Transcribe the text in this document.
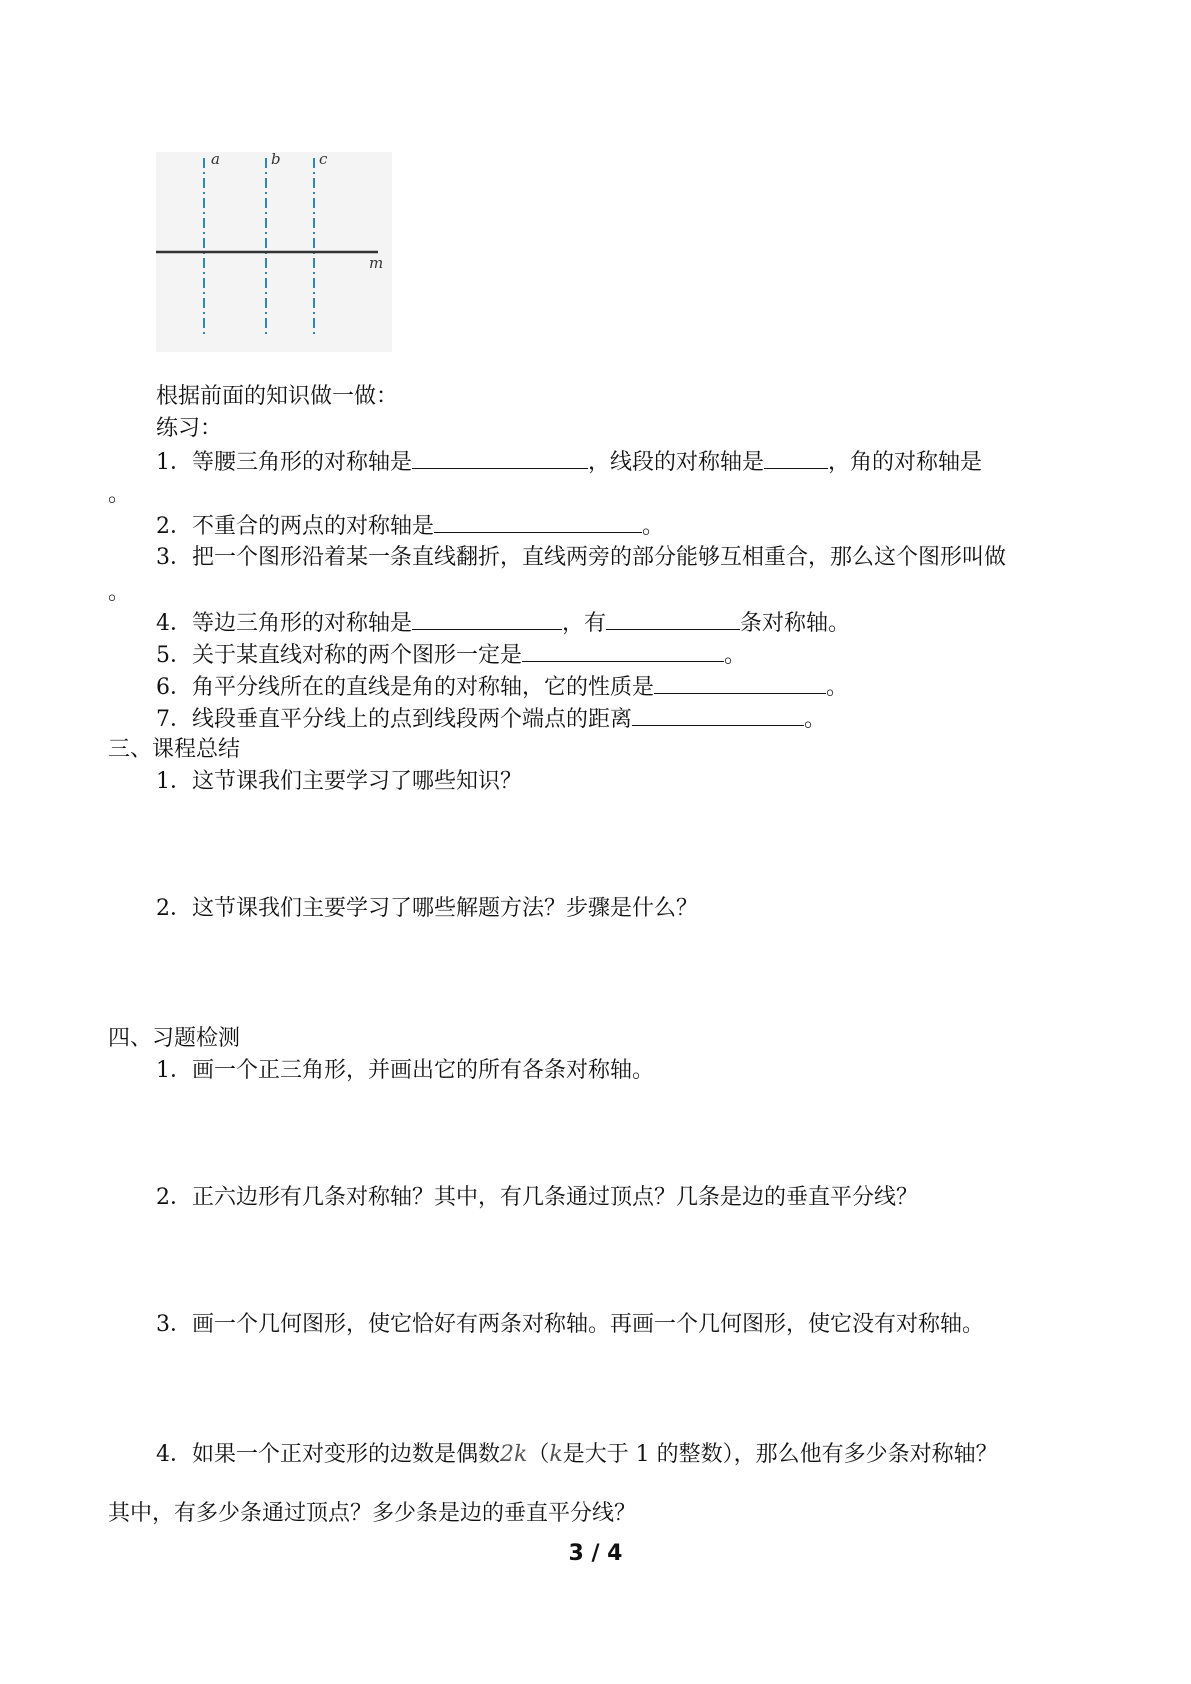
a	b	c
m
根据前面的知识做一做：
练习：
1．等腰三角形的对称轴是	，线段的对称轴是	，角的对称轴是
。
2．不重合的两点的对称轴是	。
3．把一个图形沿着某一条直线翻折，直线两旁的部分能够互相重合，那么这个图形叫做
。
4．等边三角形的对称轴是	，有	条对称轴。
5．关于某直线对称的两个图形一定是	。
6．角平分线所在的直线是角的对称轴，它的性质是	。
7．线段垂直平分线上的点到线段两个端点的距离	。
三、课程总结
1．这节课我们主要学习了哪些知识？
2．这节课我们主要学习了哪些解题方法？步骤是什么？
四、习题检测
1．画一个正三角形，并画出它的所有各条对称轴。
2．正六边形有几条对称轴？其中，有几条通过顶点？几条是边的垂直平分线？
3．画一个几何图形，使它恰好有两条对称轴。再画一个几何图形，使它没有对称轴。
4．如果一个正对变形的边数是偶数2k（k是大于 1 的整数），那么他有多少条对称轴？
其中，有多少条通过顶点？多少条是边的垂直平分线？
3 / 4
